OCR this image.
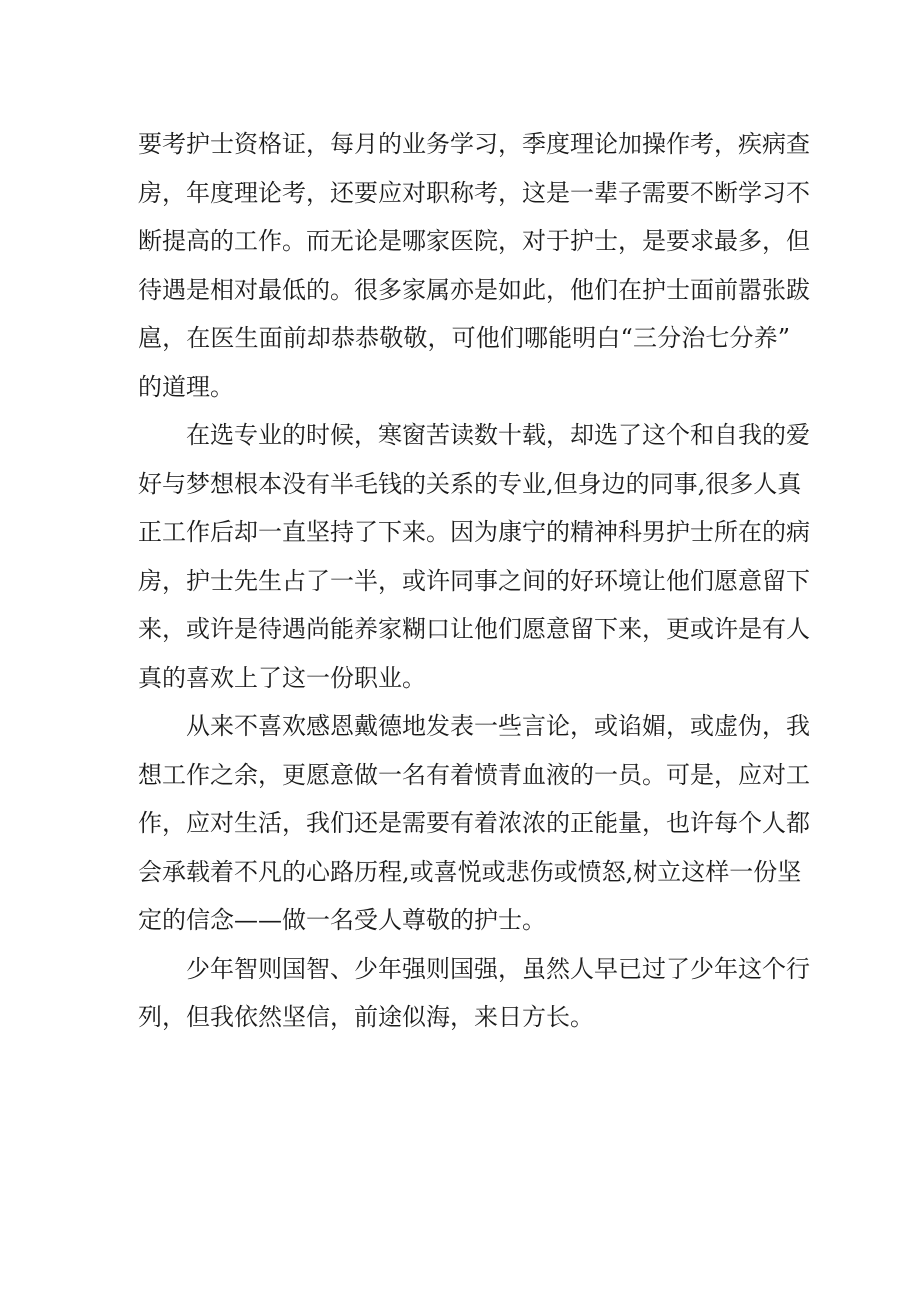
要考护士资格证，每月的业务学习，季度理论加操作考，疾病查
房，年度理论考，还要应对职称考，这是一辈子需要不断学习不
断提高的工作。而无论是哪家医院，对于护士，是要求最多，但
待遇是相对最低的。很多家属亦是如此，他们在护士面前嚣张跋
扈，在医生面前却恭恭敬敬，可他们哪能明白“三分治七分养”
的道理。
在选专业的时候，寒窗苦读数十载，却选了这个和自我的爱
好与梦想根本没有半毛钱的关系的专业,但身边的同事,很多人真
正工作后却一直坚持了下来。因为康宁的精神科男护士所在的病
房，护士先生占了一半，或许同事之间的好环境让他们愿意留下
来，或许是待遇尚能养家糊口让他们愿意留下来，更或许是有人
真的喜欢上了这一份职业。
从来不喜欢感恩戴德地发表一些言论，或谄媚，或虚伪，我
想工作之余，更愿意做一名有着愤青血液的一员。可是，应对工
作，应对生活，我们还是需要有着浓浓的正能量，也许每个人都
会承载着不凡的心路历程,或喜悦或悲伤或愤怒,树立这样一份坚
定的信念——做一名受人尊敬的护士。
少年智则国智、少年强则国强，虽然人早已过了少年这个行
列，但我依然坚信，前途似海，来日方长。
